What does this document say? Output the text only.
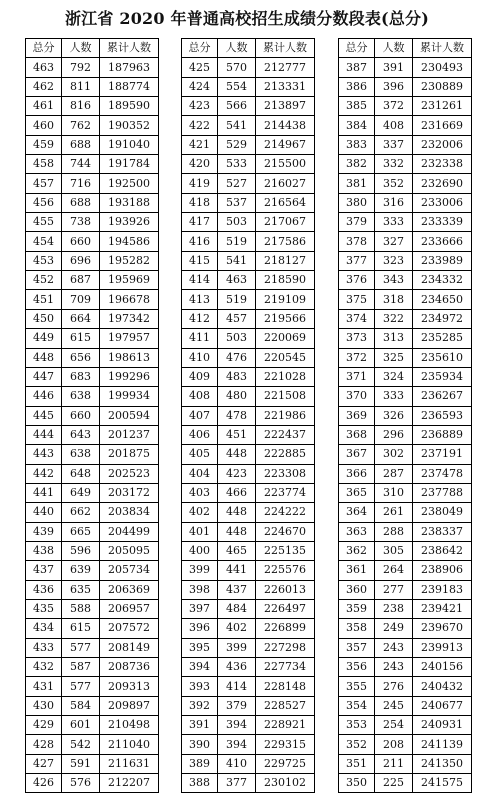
浙江省 2020 年普通高校招生成绩分数段表(总分)
总分	人数	累计人数
463	792	187963
462	811	188774
461	816	189590
460	762	190352
459	688	191040
458	744	191784
457	716	192500
456	688	193188
455	738	193926
454	660	194586
453	696	195282
452	687	195969
451	709	196678
450	664	197342
449	615	197957
448	656	198613
447	683	199296
446	638	199934
445	660	200594
444	643	201237
443	638	201875
442	648	202523
441	649	203172
440	662	203834
439	665	204499
438	596	205095
437	639	205734
436	635	206369
435	588	206957
434	615	207572
433	577	208149
432	587	208736
431	577	209313
430	584	209897
429	601	210498
428	542	211040
427	591	211631
426	576	212207
总分	人数	累计人数
425	570	212777
424	554	213331
423	566	213897
422	541	214438
421	529	214967
420	533	215500
419	527	216027
418	537	216564
417	503	217067
416	519	217586
415	541	218127
414	463	218590
413	519	219109
412	457	219566
411	503	220069
410	476	220545
409	483	221028
408	480	221508
407	478	221986
406	451	222437
405	448	222885
404	423	223308
403	466	223774
402	448	224222
401	448	224670
400	465	225135
399	441	225576
398	437	226013
397	484	226497
396	402	226899
395	399	227298
394	436	227734
393	414	228148
392	379	228527
391	394	228921
390	394	229315
389	410	229725
388	377	230102
总分	人数	累计人数
387	391	230493
386	396	230889
385	372	231261
384	408	231669
383	337	232006
382	332	232338
381	352	232690
380	316	233006
379	333	233339
378	327	233666
377	323	233989
376	343	234332
375	318	234650
374	322	234972
373	313	235285
372	325	235610
371	324	235934
370	333	236267
369	326	236593
368	296	236889
367	302	237191
366	287	237478
365	310	237788
364	261	238049
363	288	238337
362	305	238642
361	264	238906
360	277	239183
359	238	239421
358	249	239670
357	243	239913
356	243	240156
355	276	240432
354	245	240677
353	254	240931
352	208	241139
351	211	241350
350	225	241575
